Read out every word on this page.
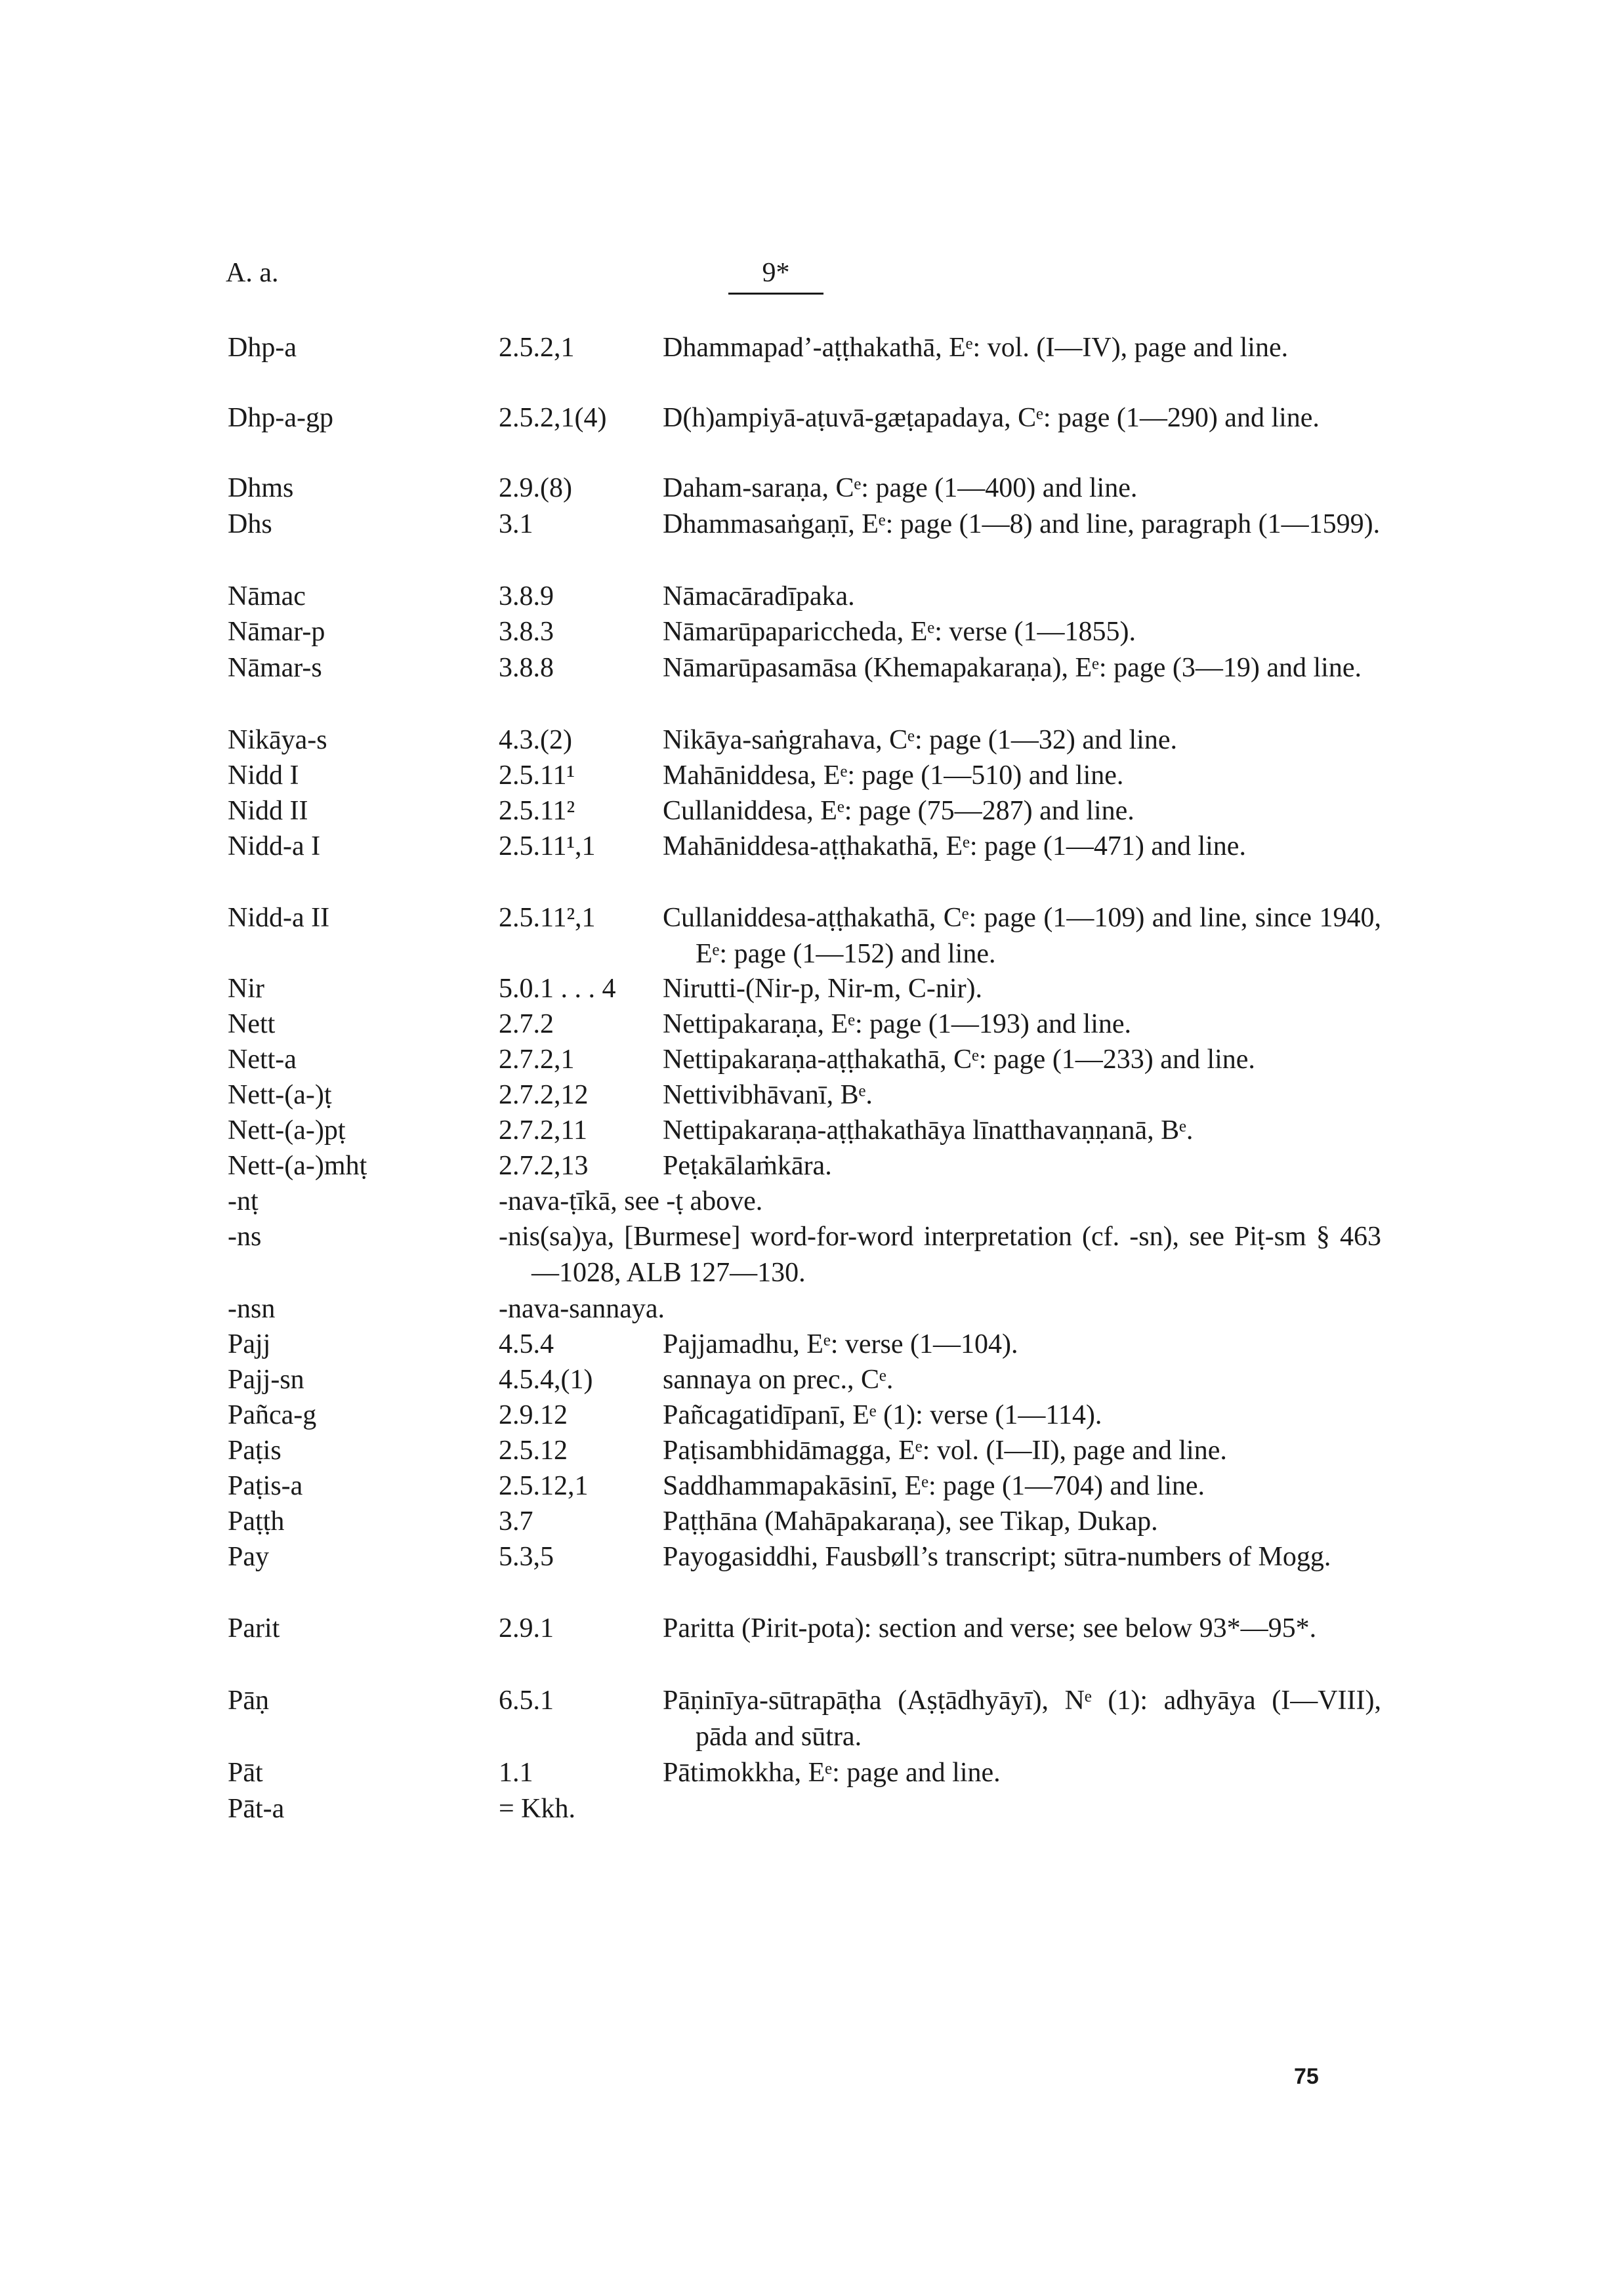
A. a.	9*
Dhp-a	2.5.2,1	Dhammapad’-aṭṭhakathā, Eᵉ: vol. (I—IV), page and line.
Dhp-a-gp	2.5.2,1(4) D(h)ampiyā-aṭuvā-gæṭapadaya, Cᵉ: page (1—290) and line.
Dhms	2.9.(8)	Daham-saraṇa, Cᵉ: page (1—400) and line.
Dhs	3.1	Dhammasaṅgaṇī, Eᵉ: page (1—8) and line, paragraph (1—1599).
Nāmac	3.8.9	Nāmacāradīpaka.
Nāmar-p	3.8.3	Nāmarūpapariccheda, Eᵉ: verse (1—1855).
Nāmar-s	3.8.8	Nāmarūpasamāsa (Khemapakaraṇa), Eᵉ: page (3—19) and line.
Nikāya-s	4.3.(2)	Nikāya-saṅgrahava, Cᵉ: page (1—32) and line.
Nidd I	2.5.11¹	Mahāniddesa, Eᵉ: page (1—510) and line.
Nidd II	2.5.11²	Cullaniddesa, Eᵉ: page (75—287) and line.
Nidd-a I	2.5.11¹,1 Mahāniddesa-aṭṭhakathā, Eᵉ: page (1—471) and line.
Nidd-a II	2.5.11²,1 Cullaniddesa-aṭṭhakathā, Cᵉ: page (1—109) and line, since 1940, Eᵉ: page (1—152) and line.
Nir	5.0.1 . . . 4 Nirutti-(Nir-p, Nir-m, C-nir).
Nett	2.7.2	Nettipakaraṇa, Eᵉ: page (1—193) and line.
Nett-a	2.7.2,1	Nettipakaraṇa-aṭṭhakathā, Cᵉ: page (1—233) and line.
Nett-(a-)ṭ	2.7.2,12	Nettivibhāvanī, Bᵉ.
Nett-(a-)pṭ	2.7.2,11	Nettipakaraṇa-aṭṭhakathāya līnatthavaṇṇanā, Bᵉ.
Nett-(a-)mhṭ	2.7.2,13	Peṭakālaṁkāra.
-nṭ	-nava-ṭīkā, see -ṭ above.
-ns	-nis(sa)ya, [Burmese] word-for-word interpretation (cf. -sn), see Piṭ-sm § 463—1028, ALB 127—130.
-nsn	-nava-sannaya.
Pajj	4.5.4	Pajjamadhu, Eᵉ: verse (1—104).
Pajj-sn	4.5.4,(1)	sannaya on prec., Cᵉ.
Pañca-g	2.9.12	Pañcagatidīpanī, Eᵉ (1): verse (1—114).
Paṭis	2.5.12	Paṭisambhidāmagga, Eᵉ: vol. (I—II), page and line.
Paṭis-a	2.5.12,1	Saddhammapakāsinī, Eᵉ: page (1—704) and line.
Paṭṭh	3.7	Paṭṭhāna (Mahāpakaraṇa), see Tikap, Dukap.
Pay	5.3,5	Payogasiddhi, Fausbøll’s transcript; sūtra-numbers of Mogg.
Parit	2.9.1	Paritta (Pirit-pota): section and verse; see below 93*—95*.
Pāṇ	6.5.1	Pāṇinīya-sūtrapāṭha (Aṣṭādhyāyī), Nᵉ (1): adhyāya (I—VIII), pāda and sūtra.
Pāt	1.1	Pātimokkha, Eᵉ: page and line.
Pāt-a	= Kkh.
75
